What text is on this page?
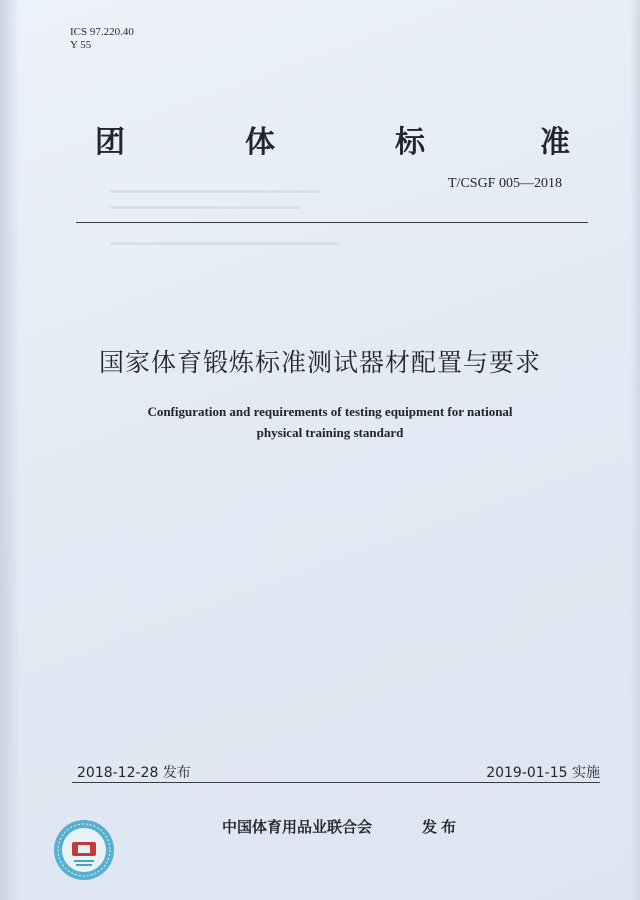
ICS 97.220.40
Y 55
团	体	标	准
T/CSGF 005—2018
国家体育锻炼标准测试器材配置与要求
Configuration and requirements of testing equipment for national
physical training standard
2018-12-28 发布	2019-01-15 实施
中国体育用品业联合会	发布
